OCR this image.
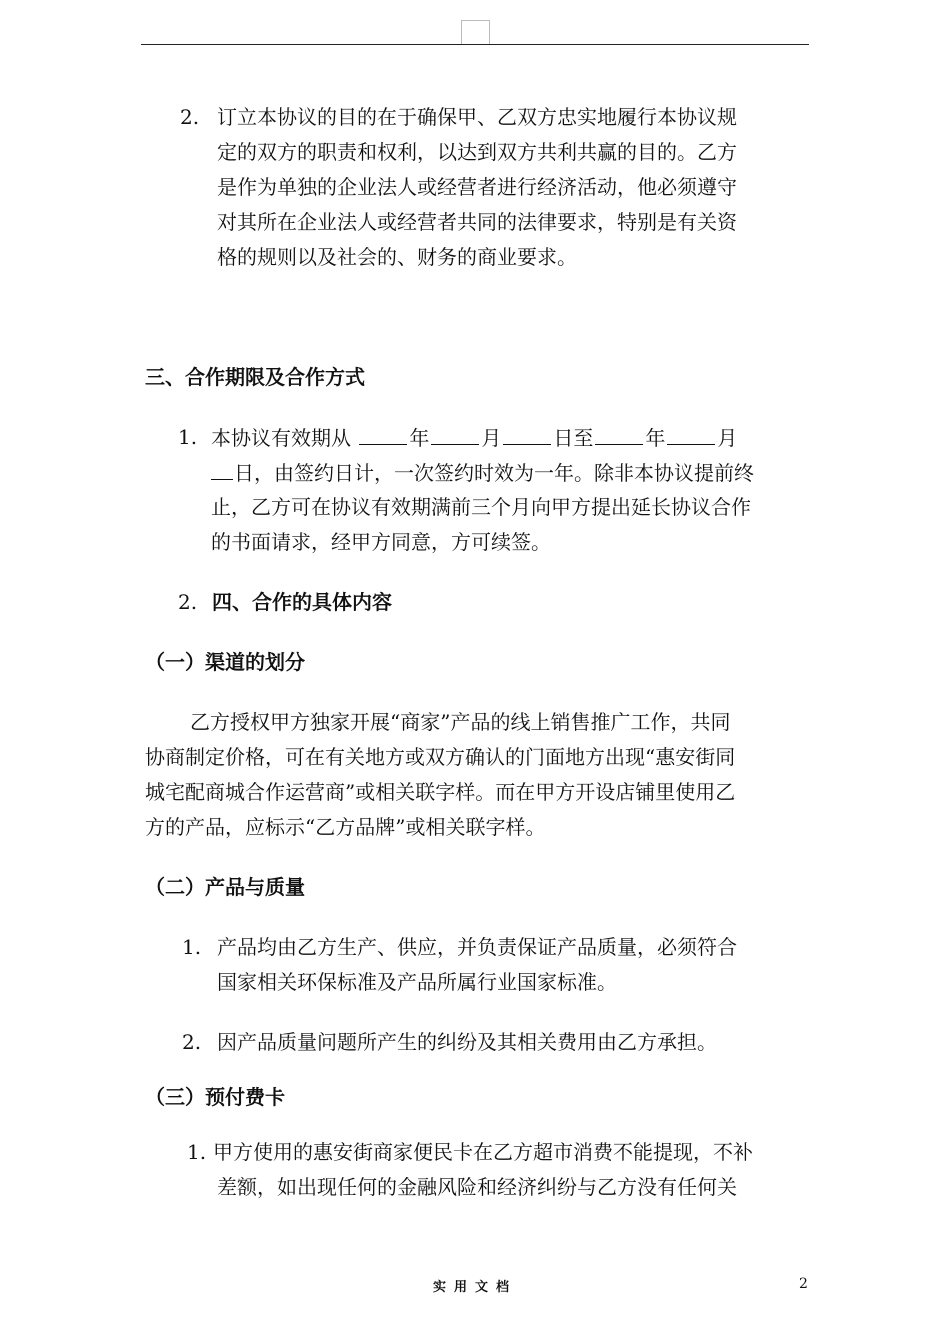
2. 订立本协议的目的在于确保甲、乙双方忠实地履行本协议规
定的双方的职责和权利，以达到双方共利共赢的目的。乙方
是作为单独的企业法人或经营者进行经济活动，他必须遵守
对其所在企业法人或经营者共同的法律要求，特别是有关资
格的规则以及社会的、财务的商业要求。
三、合作期限及合作方式
1. 本协议有效期从	年	月	日至	年	月
日，由签约日计，一次签约时效为一年。除非本协议提前终
止，乙方可在协议有效期满前三个月向甲方提出延长协议合作
的书面请求，经甲方同意，方可续签。
2. 四、合作的具体内容
（一）渠道的划分
乙方授权甲方独家开展“商家”产品的线上销售推广工作，共同
协商制定价格，可在有关地方或双方确认的门面地方出现“惠安街同
城宅配商城合作运营商”或相关联字样。而在甲方开设店铺里使用乙
方的产品，应标示“乙方品牌”或相关联字样。
（二）产品与质量
1. 产品均由乙方生产、供应，并负责保证产品质量，必须符合
国家相关环保标准及产品所属行业国家标准。
2. 因产品质量问题所产生的纠纷及其相关费用由乙方承担。
（三）预付费卡
1. 甲方使用的惠安街商家便民卡在乙方超市消费不能提现，不补
差额，如出现任何的金融风险和经济纠纷与乙方没有任何关
实用文档	2
